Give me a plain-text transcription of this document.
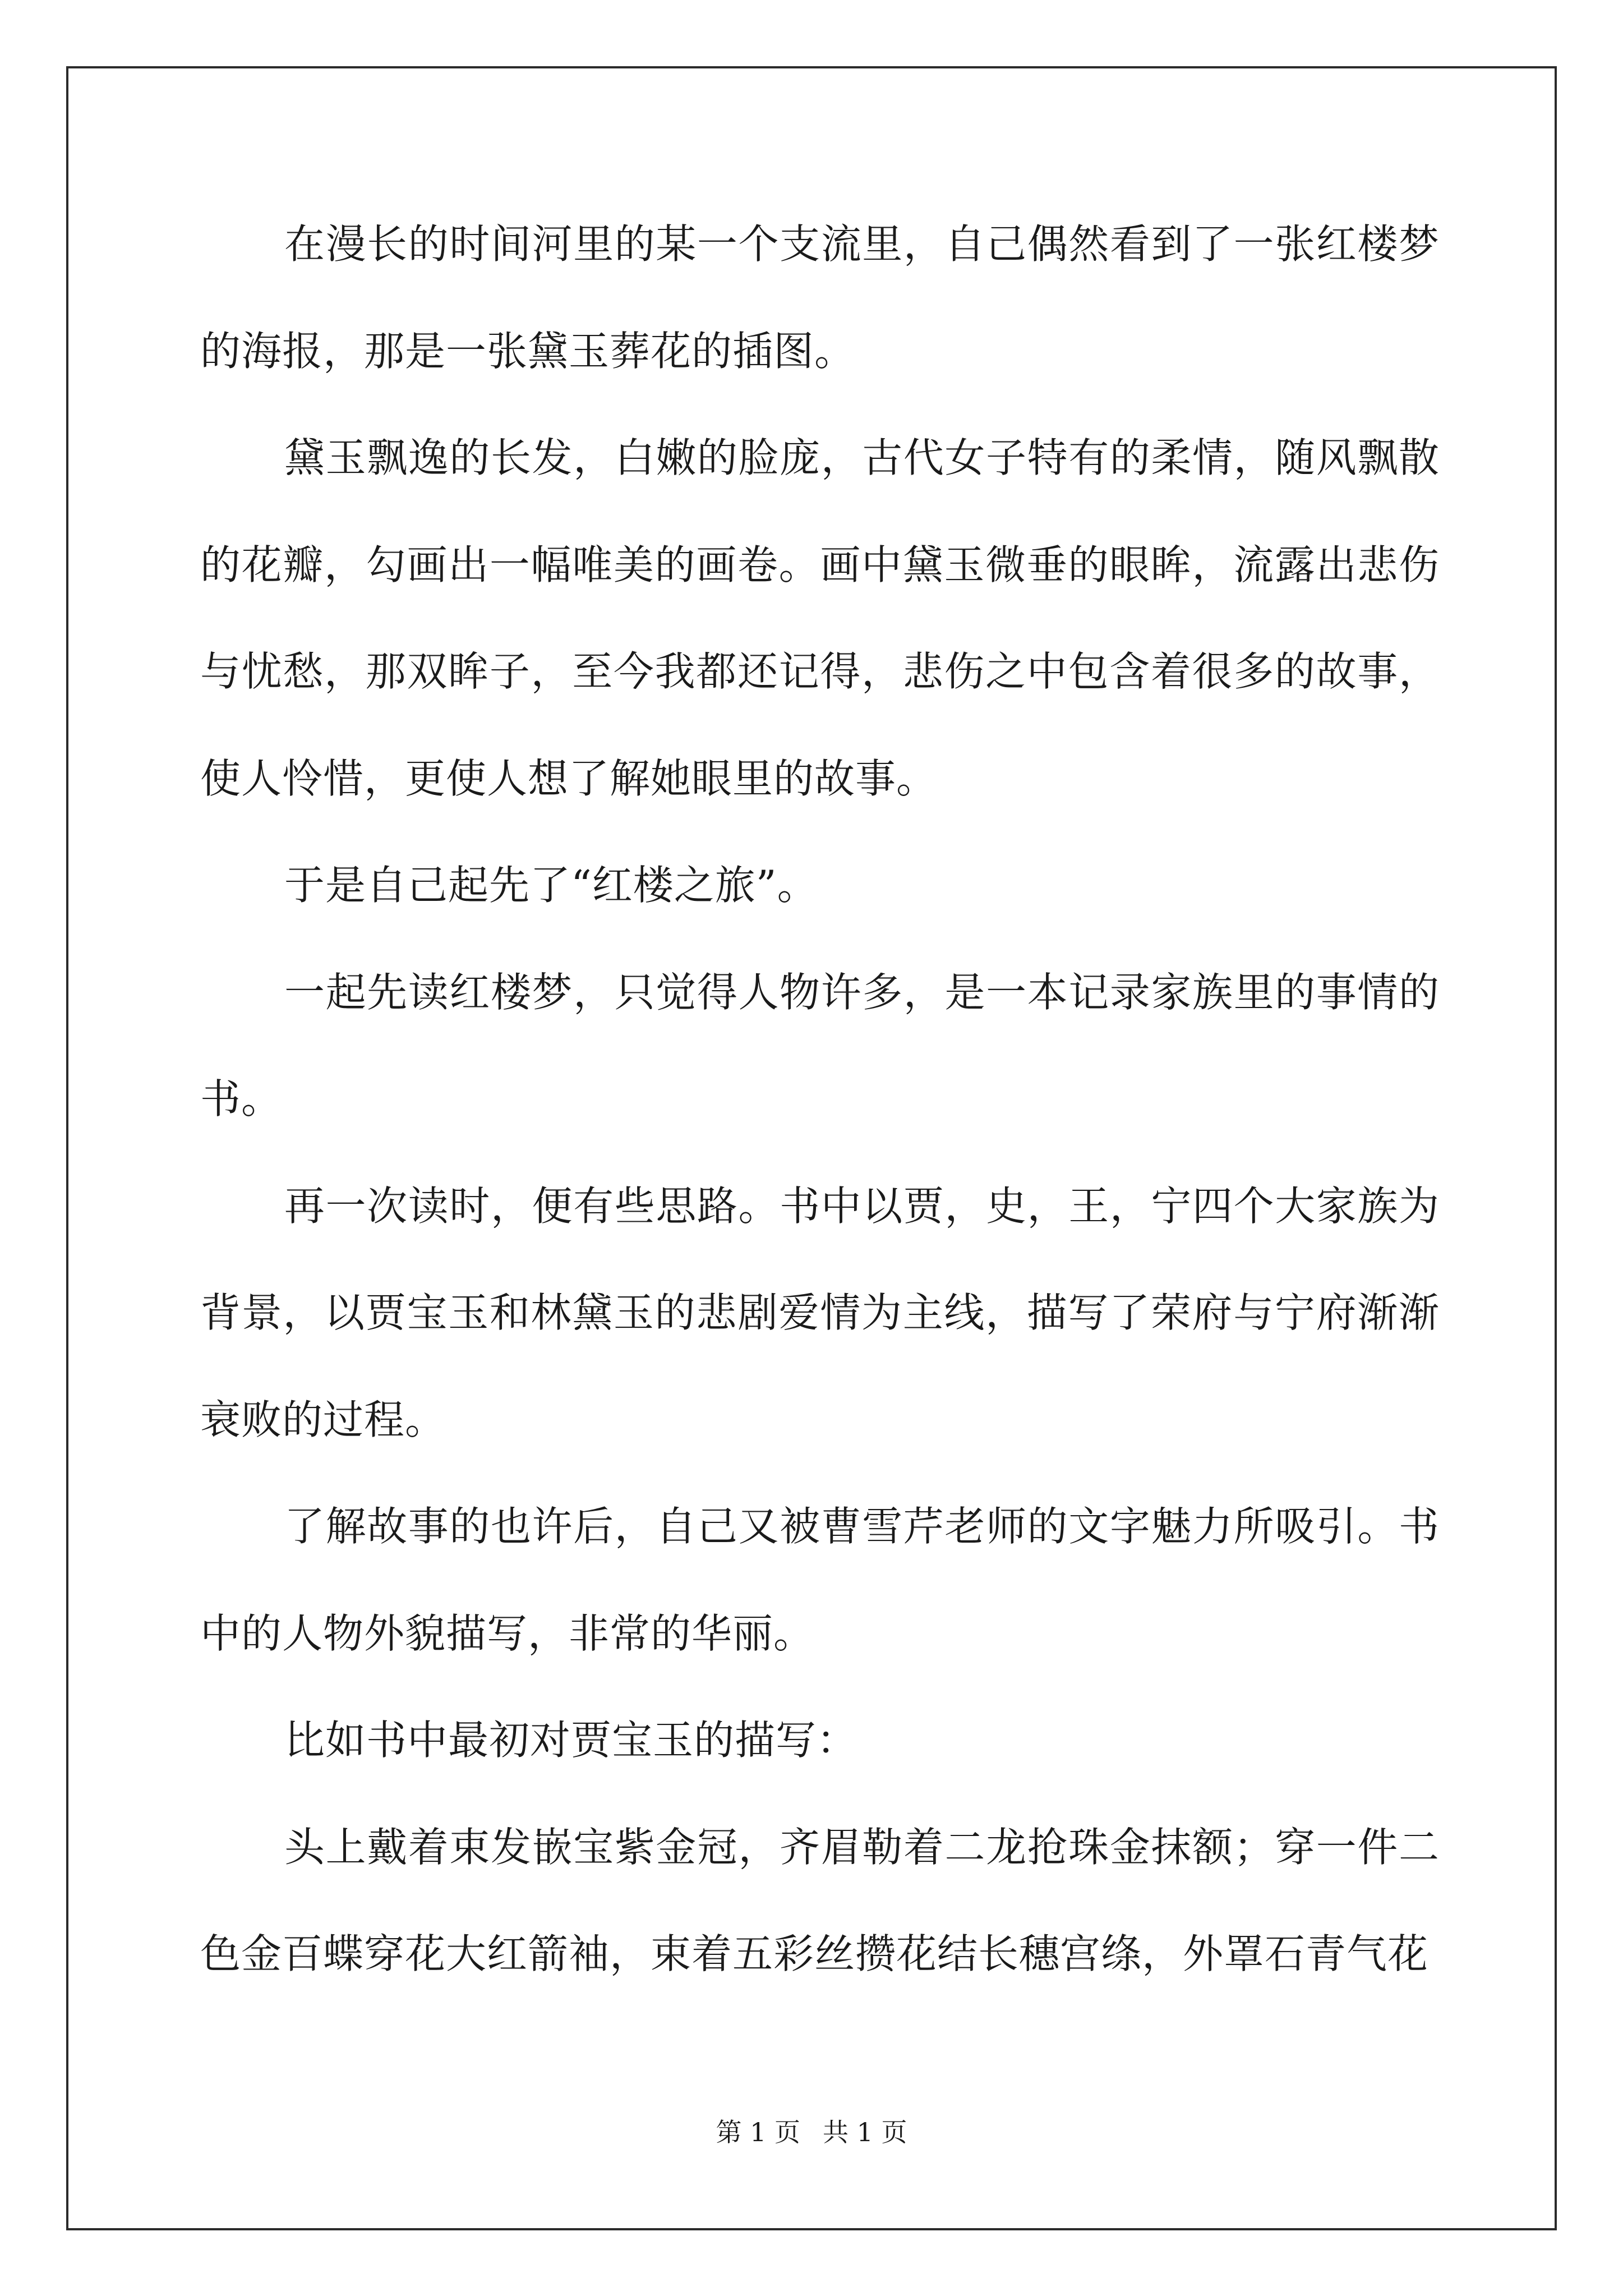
在漫长的时间河里的某一个支流里，自己偶然看到了一张红楼梦的海报，那是一张黛玉葬花的插图。

黛玉飘逸的长发，白嫩的脸庞，古代女子特有的柔情，随风飘散的花瓣，勾画出一幅唯美的画卷。画中黛玉微垂的眼眸，流露出悲伤与忧愁，那双眸子，至今我都还记得，悲伤之中包含着很多的故事，使人怜惜，更使人想了解她眼里的故事。

于是自己起先了“红楼之旅”。

一起先读红楼梦，只觉得人物许多，是一本记录家族里的事情的书。

再一次读时，便有些思路。书中以贾，史，王，宁四个大家族为背景，以贾宝玉和林黛玉的悲剧爱情为主线，描写了荣府与宁府渐渐衰败的过程。

了解故事的也许后，自己又被曹雪芹老师的文字魅力所吸引。书中的人物外貌描写，非常的华丽。

比如书中最初对贾宝玉的描写：

头上戴着束发嵌宝紫金冠，齐眉勒着二龙抢珠金抹额；穿一件二色金百蝶穿花大红箭袖，束着五彩丝攒花结长穗宫绦，外罩石青气花

第 1 页 共 1 页
